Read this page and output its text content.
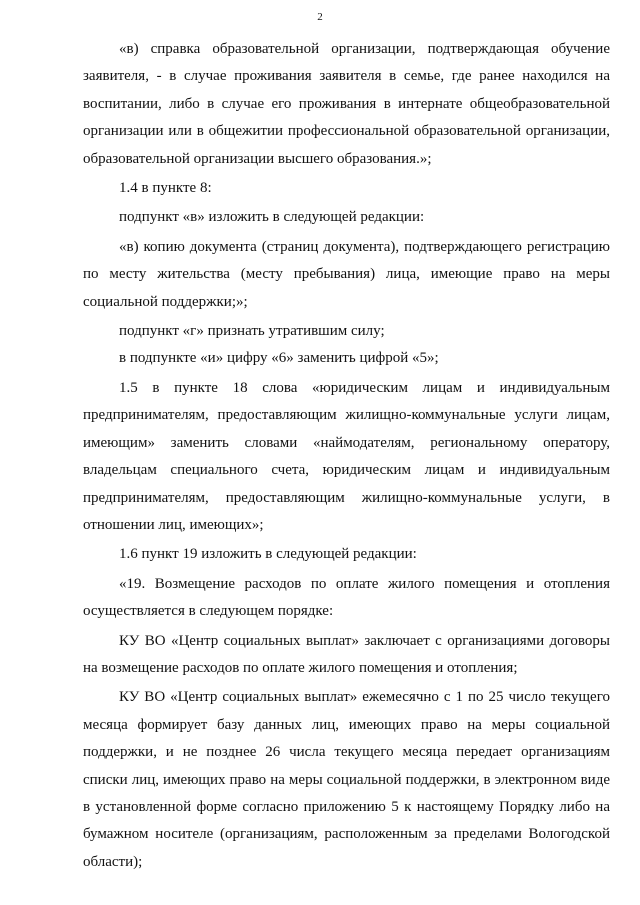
2

«в) справка образовательной организации, подтверждающая обучение заявителя, - в случае проживания заявителя в семье, где ранее находился на воспитании, либо в случае его проживания в интернате общеобразовательной организации или в общежитии профессиональной образовательной организации, образовательной организации высшего образования.»;

1.4 в пункте 8:

подпункт «в» изложить в следующей редакции:

«в) копию документа (страниц документа), подтверждающего регистрацию по месту жительства (месту пребывания) лица, имеющие право на меры социальной поддержки;»;

подпункт «г» признать утратившим силу;

в подпункте «и» цифру «6» заменить цифрой «5»;

1.5 в пункте 18 слова «юридическим лицам и индивидуальным предпринимателям, предоставляющим жилищно-коммунальные услуги лицам, имеющим» заменить словами «наймодателям, региональному оператору, владельцам специального счета, юридическим лицам и индивидуальным предпринимателям, предоставляющим жилищно-коммунальные услуги, в отношении лиц, имеющих»;

1.6 пункт 19 изложить в следующей редакции:

«19. Возмещение расходов по оплате жилого помещения и отопления осуществляется в следующем порядке:

КУ ВО «Центр социальных выплат» заключает с организациями договоры на возмещение расходов по оплате жилого помещения и отопления;

КУ ВО «Центр социальных выплат» ежемесячно с 1 по 25 число текущего месяца формирует базу данных лиц, имеющих право на меры социальной поддержки, и не позднее 26 числа текущего месяца передает организациям списки лиц, имеющих право на меры социальной поддержки, в электронном виде в установленной форме согласно приложению 5 к настоящему Порядку либо на бумажном носителе (организациям, расположенным за пределами Вологодской области);
